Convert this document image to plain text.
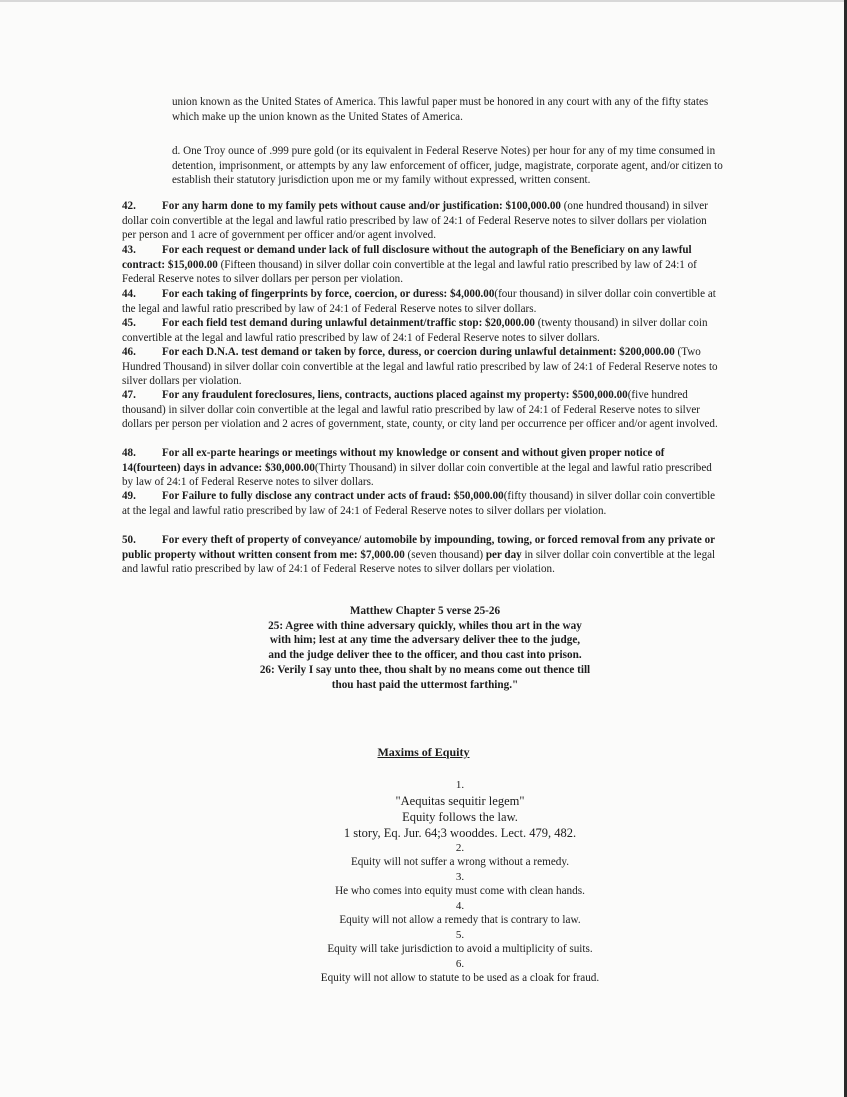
union known as the United States of America. This lawful paper must be honored in any court with any of the fifty states which make up the union known as the United States of America.
d. One Troy ounce of .999 pure gold (or its equivalent in Federal Reserve Notes) per hour for any of my time consumed in detention, imprisonment, or attempts by any law enforcement of officer, judge, magistrate, corporate agent, and/or citizen to establish their statutory jurisdiction upon me or my family without expressed, written consent.
42. For any harm done to my family pets without cause and/or justification: $100,000.00 (one hundred thousand) in silver dollar coin convertible at the legal and lawful ratio prescribed by law of 24:1 of Federal Reserve notes to silver dollars per violation per person and 1 acre of government per officer and/or agent involved.
43. For each request or demand under lack of full disclosure without the autograph of the Beneficiary on any lawful contract: $15,000.00 (Fifteen thousand) in silver dollar coin convertible at the legal and lawful ratio prescribed by law of 24:1 of Federal Reserve notes to silver dollars per person per violation.
44. For each taking of fingerprints by force, coercion, or duress: $4,000.00(four thousand) in silver dollar coin convertible at the legal and lawful ratio prescribed by law of 24:1 of Federal Reserve notes to silver dollars.
45. For each field test demand during unlawful detainment/traffic stop: $20,000.00 (twenty thousand) in silver dollar coin convertible at the legal and lawful ratio prescribed by law of 24:1 of Federal Reserve notes to silver dollars.
46. For each D.N.A. test demand or taken by force, duress, or coercion during unlawful detainment: $200,000.00 (Two Hundred Thousand) in silver dollar coin convertible at the legal and lawful ratio prescribed by law of 24:1 of Federal Reserve notes to silver dollars per violation.
47. For any fraudulent foreclosures, liens, contracts, auctions placed against my property: $500,000.00(five hundred thousand) in silver dollar coin convertible at the legal and lawful ratio prescribed by law of 24:1 of Federal Reserve notes to silver dollars per person per violation and 2 acres of government, state, county, or city land per occurrence per officer and/or agent involved.
48. For all ex-parte hearings or meetings without my knowledge or consent and without given proper notice of 14(fourteen) days in advance: $30,000.00(Thirty Thousand) in silver dollar coin convertible at the legal and lawful ratio prescribed by law of 24:1 of Federal Reserve notes to silver dollars.
49. For Failure to fully disclose any contract under acts of fraud: $50,000.00(fifty thousand) in silver dollar coin convertible at the legal and lawful ratio prescribed by law of 24:1 of Federal Reserve notes to silver dollars per violation.
50. For every theft of property of conveyance/ automobile by impounding, towing, or forced removal from any private or public property without written consent from me: $7,000.00 (seven thousand) per day in silver dollar coin convertible at the legal and lawful ratio prescribed by law of 24:1 of Federal Reserve notes to silver dollars per violation.
Matthew Chapter 5 verse 25-26
25: Agree with thine adversary quickly, whiles thou art in the way
with him; lest at any time the adversary deliver thee to the judge,
and the judge deliver thee to the officer, and thou cast into prison.
26: Verily I say unto thee, thou shalt by no means come out thence till
thou hast paid the uttermost farthing."
Maxims of Equity
1.
"Aequitas sequitir legem"
Equity follows the law.
1 story, Eq. Jur. 64;3 wooddes. Lect. 479, 482.
2.
Equity will not suffer a wrong without a remedy.
3.
He who comes into equity must come with clean hands.
4.
Equity will not allow a remedy that is contrary to law.
5.
Equity will take jurisdiction to avoid a multiplicity of suits.
6.
Equity will not allow to statute to be used as a cloak for fraud.
